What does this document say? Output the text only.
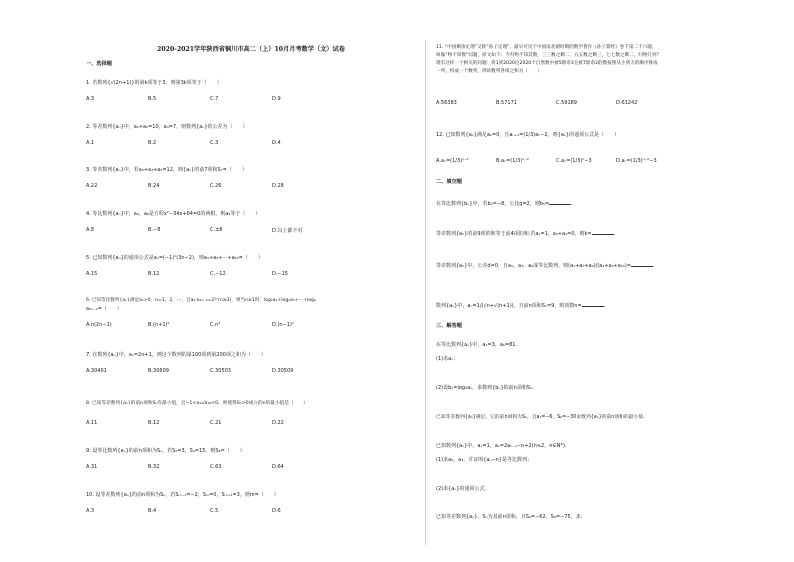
2020-2021学年陕西省铜川市高二（上）10月月考数学（文）试卷
一、选择题
1. 若数列{√(2n+1)}的第k项等于3，则第3k项等于（　　）
A.3	B.5	C.7	D.9
2. 等差数列{aₙ}中，a₁+a₅=10，a₄=7，则数列{aₙ}的公差为（　　）
A.1	B.2	C.3	D.4
3. 等差数列{aₙ}中，若a₃+a₄+a₅=12，则{aₙ}的前7项和S₇=（　　）
A.22	B.24	C.26	D.28
4. 等比数列{aₙ}中，a₂，a₆是方程x²−34x+64=0的两根，则a₄等于（　　）
A.8	B.−8	C.±8	D.以上都不对
5. 已知数列{aₙ}的通项公式是aₙ=(−1)ⁿ(3n−2)，则a₁+a₂+⋯+a₁₀=（　　）
A.15	B.12	C.−12	D.−15
6. 已知等比数列{aₙ}满足aₙ>0，n=1，2，⋯，且a₅·a₂ₙ₋₅=2²ⁿ(n≥3)，则当n≥1时，log₂a₁+log₂a₃+⋯+log₂
a₂ₙ₋₁=（　　）
A.n(2n−1)	B.(n+1)²	C.n²	D.(n−1)²
7. 在数列{aₙ}中，aₙ=2n+1，则这个数列的第100项到第200项之和为（　　）
A.30401	B.30609	C.30503	D.30509
8. 已知等差数列{aₙ}的前n项和Sₙ有最小值，且−1<a₁₁/a₁₀<0，则使得Sₙ>0成立的n的最小值是（　　）
A.11	B.12	C.21	D.22
9. 设等比数列{aₙ}的前n项和为Sₙ，若S₂=3，S₄=15，则S₆=（　　）
A.31	B.32	C.63	D.64
10. 设等差数列{aₙ}的前n项和为Sₙ，若Sₘ₋₁=−2，Sₘ=0，Sₘ₊₁=3，则m=（　　）
A.3	B.4	C.5	D.6
11. “中国剩余定理”又称“孙子定理”，最早可见于中国南北朝时期的数学著作《孙子算经》卷下第二十六题，
叫做“物不知数”问题，原文如下：今有物不知其数，三三数之剩二，五五数之剩三，七七数之剩二，问物几何？
现有这样一个相关的问题：将1到2020这2020个自然数中被5除余3且被7除余2的数按照从小到大的顺序排成
一列，构成一个数列，则该数列各项之和为（　　）
A.56383	B.57171	C.59189	D.61242
12. 已知数列{aₙ}满足a₁=0，且aₙ₊₁=(1/3)aₙ−2，则{aₙ}的通项公式是（　　）
A.aₙ=(1/3)ⁿ⁻¹	B.aₙ=(1/3)ⁿ⁻²	C.aₙ=(1/3)ⁿ−3	D.aₙ=(1/3)ⁿ⁻²−3
二、填空题
在等比数列{bₙ}中，若b₂=−8，公比q=2，则b₅=	.
等差数列{aₙ}的前9项的和等于前4项的和.若a₁=1，a₄+a₄=0，则k=	.
等差数列{aₙ}中，公差d≠0，且a₁，a₃，a₉成等比数列，则(a₁+a₃+a₉)/(a₂+a₄+a₁₀)=	.
数列{aₙ}中，aₙ=1/(√n+√(n+1))，且前n项和Sₙ=9，则项数n=	.
三、解答题
在等比数列{aₙ}中，a₂=3，a₅=81.
(1)求aₙ；
(2)设bₙ=log₃aₙ，求数列{bₙ}的前n项和Sₙ.
已知等差数列{aₙ}满足，它的前n项和为Sₙ，且a₁=−6，S₆=−30求数列{aₙ}的前n项和的最小值.
已知数列{aₙ}中，a₁=1，aₙ=2aₙ₋₁−n+2(n≥2，n∈N*).
(1)求a₂，a₃，并证明{aₙ−n}是等比数列；
(2)求{aₙ}的通项公式.
已知等差数列{aₙ}，Sₙ为其前n项和，且S₄=−62，S₆=−75，求：
